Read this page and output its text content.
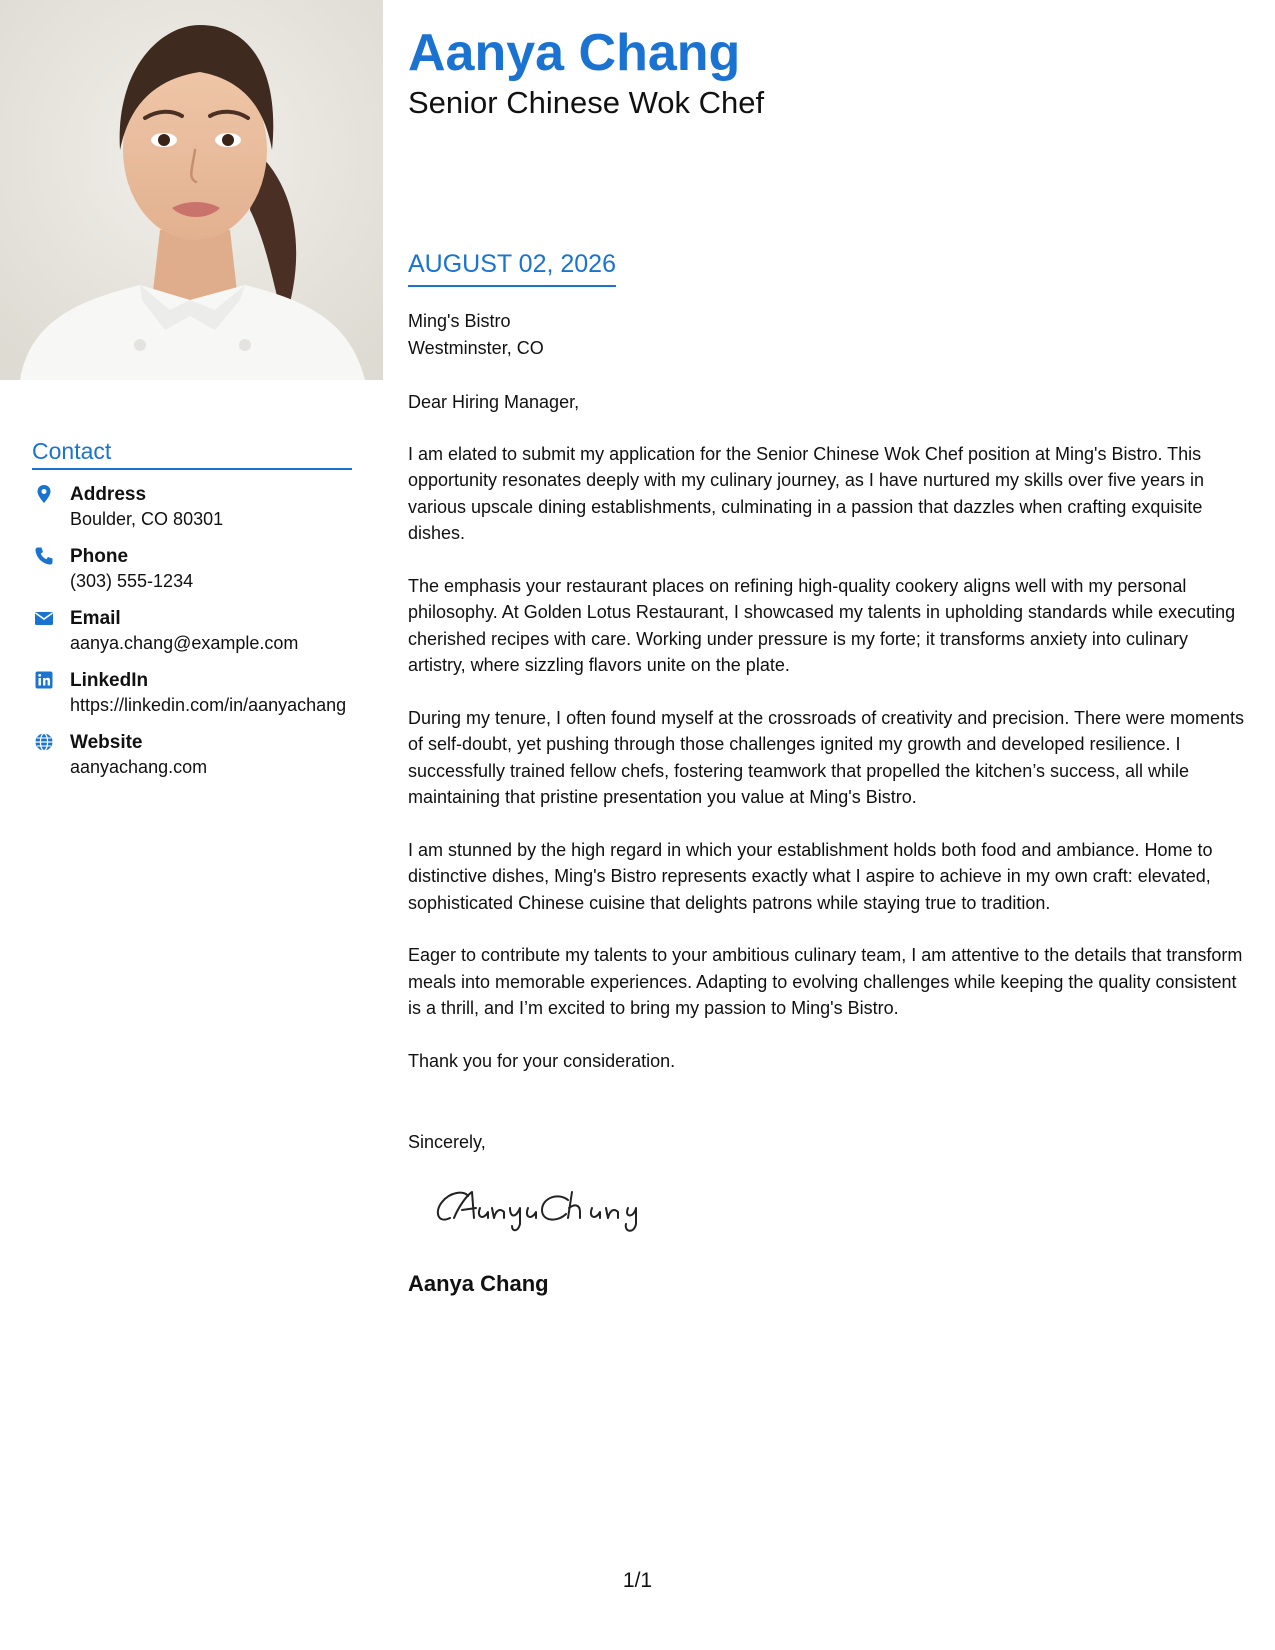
Aanya Chang
Senior Chinese Wok Chef
AUGUST 02, 2026
Contact
Address
Boulder, CO 80301
Phone
(303) 555-1234
Email
aanya.chang@example.com
LinkedIn
https://linkedin.com/in/aanyachang
Website
aanyachang.com

Ming's Bistro

Westminster, CO

Dear Hiring Manager,

I am elated to submit my application for the Senior Chinese Wok Chef position at Ming's Bistro. This opportunity resonates deeply with my culinary journey, as I have nurtured my skills over five years in various upscale dining establishments, culminating in a passion that dazzles when crafting exquisite dishes.

The emphasis your restaurant places on refining high-quality cookery aligns well with my personal philosophy. At Golden Lotus Restaurant, I showcased my talents in upholding standards while executing cherished recipes with care. Working under pressure is my forte; it transforms anxiety into culinary artistry, where sizzling flavors unite on the plate.

During my tenure, I often found myself at the crossroads of creativity and precision. There were moments of self-doubt, yet pushing through those challenges ignited my growth and developed resilience. I successfully trained fellow chefs, fostering teamwork that propelled the kitchen’s success, all while maintaining that pristine presentation you value at Ming's Bistro.

I am stunned by the high regard in which your establishment holds both food and ambiance. Home to distinctive dishes, Ming's Bistro represents exactly what I aspire to achieve in my own craft: elevated, sophisticated Chinese cuisine that delights patrons while staying true to tradition.

Eager to contribute my talents to your ambitious culinary team, I am attentive to the details that transform meals into memorable experiences. Adapting to evolving challenges while keeping the quality consistent is a thrill, and I’m excited to bring my passion to Ming's Bistro.

Thank you for your consideration.

Sincerely,
Aanya Chang
1/1
